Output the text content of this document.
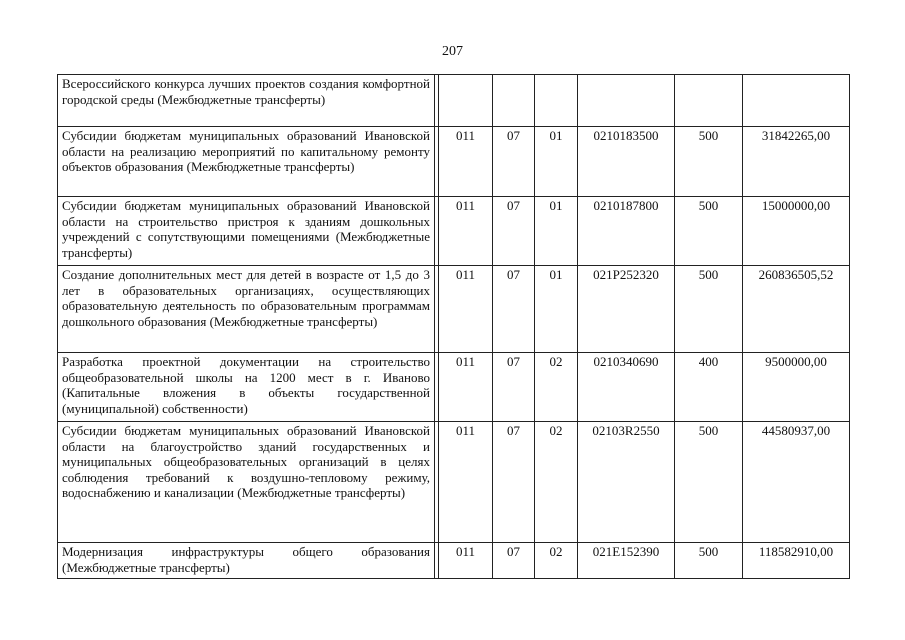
207
Всероссийского конкурса лучших проектов создания комфортной городской среды (Межбюджетные трансферты)							
Субсидии бюджетам муниципальных образований Ивановской области на реализацию мероприятий по капитальному ремонту объектов образования (Межбюджетные трансферты)		011	07	01	0210183500	500	31842265,00
Субсидии бюджетам муниципальных образований Ивановской области на строительство пристроя к зданиям дошкольных учреждений с сопутствующими помещениями (Межбюджетные трансферты)		011	07	01	0210187800	500	15000000,00
Создание дополнительных мест для детей в возрасте от 1,5 до 3 лет в образовательных организациях, осуществляющих образовательную деятельность по образовательным программам дошкольного образования (Межбюджетные трансферты)		011	07	01	021P252320	500	260836505,52
Разработка проектной документации на строительство общеобразовательной школы на 1200 мест в г. Иваново (Капитальные вложения в объекты государственной (муниципальной) собственности)		011	07	02	0210340690	400	9500000,00
Субсидии бюджетам муниципальных образований Ивановской области на благоустройство зданий государственных и муниципальных общеобразовательных организаций в целях соблюдения требований к воздушно-тепловому режиму, водоснабжению и канализации (Межбюджетные трансферты)		011	07	02	02103R2550	500	44580937,00
Модернизация инфраструктуры общего образования (Межбюджетные трансферты)		011	07	02	021E152390	500	118582910,00
